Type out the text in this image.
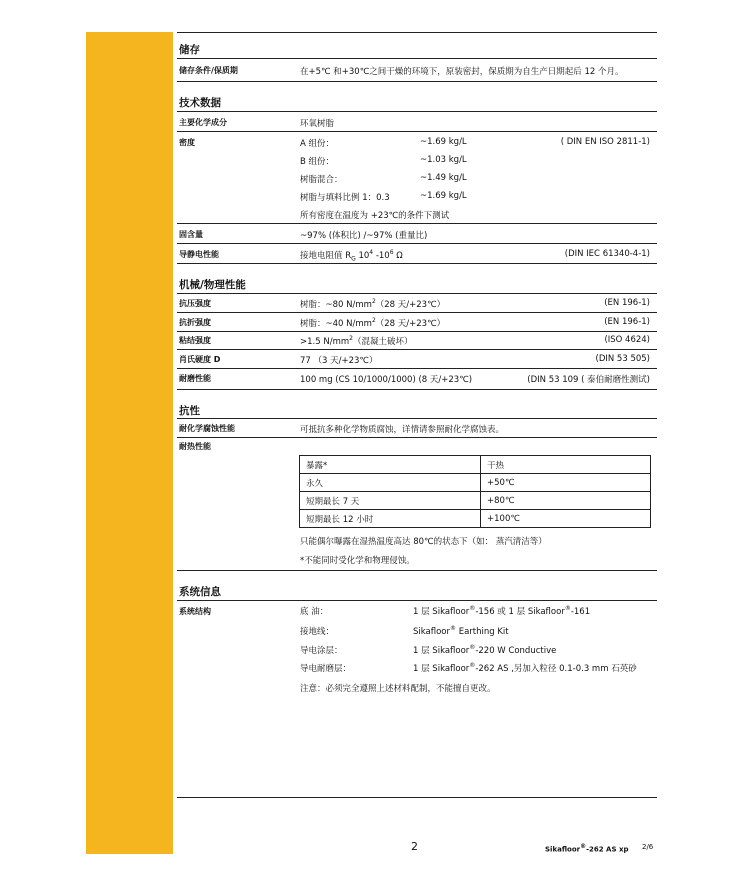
储存
储存条件/保质期	在+5℃ 和+30℃之间干燥的环境下，原装密封，保质期为自生产日期起后 12 个月。
技术数据
主要化学成分	环氧树脂
密度	A 组份：	~1.69 kg/L	( DIN EN ISO 2811-1)
B 组份：	~1.03 kg/L
树脂混合：	~1.49 kg/L
树脂与填料比例 1：0.3	~1.69 kg/L
所有密度在温度为 +23℃的条件下测试
固含量	~97% (体积比) /~97% (重量比)
导静电性能	接地电阻值 $R_G$ $10^4$ $-10^6$ Ω	(DIN IEC 61340-4-1)
机械/物理性能
抗压强度	树脂：~80 $N/mm^2(28$ 天/+23℃）	(EN 196-1)
抗折强度	树脂：~40 $N/mm^2(28$ 天/+23℃）	(EN 196-1)
粘结强度	>1.5 $N/mm^2$（混凝土破坏）	(ISO 4624)
肖氏硬度 D	77 （3 天/+23℃）	(DIN 53 505)
耐磨性能	100 mg (CS 10/1000/1000) (8 天/+23℃)	(DIN 53 109 ( 泰伯耐磨性测试)
抗性
耐化学腐蚀性能	可抵抗多种化学物质腐蚀，详情请参照耐化学腐蚀表。
耐热性能
暴露*	干热
永久	+50℃
短期最长 7 天	+80℃
短期最长 12 小时	+100℃
只能偶尔曝露在湿热温度高达 80℃的状态下（如： 蒸汽清洁等）
*不能同时受化学和物理侵蚀。
系统信息
系统结构	底 油：	1 层 Sikafloor®-156 或 1 层 Sikafloor®-161
接地线：	Sikafloor® Earthing Kit
导电涂层：	1 层 Sikafloor®-220 W Conductive
导电耐磨层：	1 层 Sikafloor®-262 AS ,另加入粒径 0.1-0.3 mm 石英砂
注意：必须完全遵照上述材料配制，不能擅自更改。
2	Sikafloor®-262 AS xp 2/6
